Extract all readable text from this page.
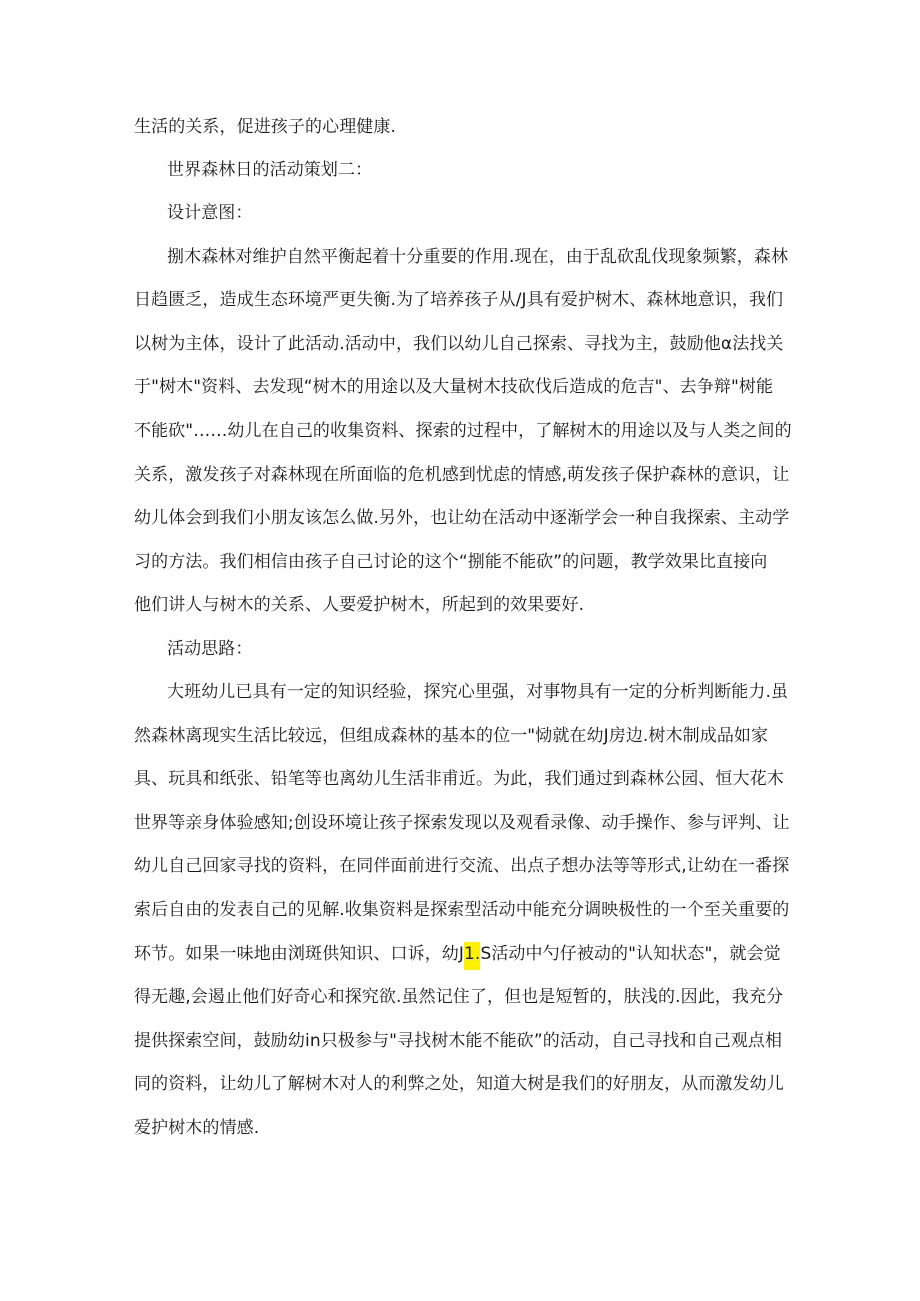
生活的关系，促进孩子的心理健康.
世界森林日的活动策划二：
设计意图：
捌木森林对维护自然平衡起着十分重要的作用.现在，由于乱砍乱伐现象频繁，森林
日趋匮乏，造成生态环境严更失衡.为了培养孩子从/J具有爱护树木、森林地意识，我们
以树为主体，设计了此活动.活动中，我们以幼儿自己探索、寻找为主，鼓励他α法找关
于"树木"资料、去发现“树木的用途以及大量树木技砍伐后造成的危吉"、去争辩"树能
不能砍"……幼儿在自己的收集资料、探索的过程中，了解树木的用途以及与人类之间的
关系，激发孩子对森林现在所面临的危机感到忧虑的情感,萌发孩子保护森林的意识，让
幼儿体会到我们小朋友该怎么做.另外，也让幼在活动中逐渐学会一种自我探索、主动学
习的方法。我们相信由孩子自己讨论的这个“捌能不能砍”的问题，教学效果比直接向
他们讲人与树木的关系、人要爱护树木，所起到的效果要好.
活动思路：
大班幼儿已具有一定的知识经验，探究心里强，对事物具有一定的分析判断能力.虽
然森林离现实生活比较远，但组成森林的基本的位一"恸就在幼J房边.树木制成品如家
具、玩具和纸张、铅笔等也离幼儿生活非甫近。为此，我们通过到森林公园、恒大花木
世界等亲身体验感知;创设环境让孩子探索发现以及观看录像、动手操作、参与评判、让
幼儿自己回家寻找的资料，在同伴面前进行交流、出点子想办法等等形式,让幼在一番探
索后自由的发表自己的见解.收集资料是探索型活动中能充分调映极性的一个至关重要的
环节。如果一味地由浏斑供知识、口诉，幼J1.S活动中勺仔被动的"认知状态"，就会觉
得无趣,会遏止他们好奇心和探究欲.虽然记住了，但也是短暂的，肤浅的.因此，我充分
提供探索空间，鼓励幼in只极参与"寻找树木能不能砍”的活动，自己寻找和自己观点相
同的资料，让幼儿了解树木对人的利弊之处，知道大树是我们的好朋友，从而激发幼儿
爱护树木的情感.
